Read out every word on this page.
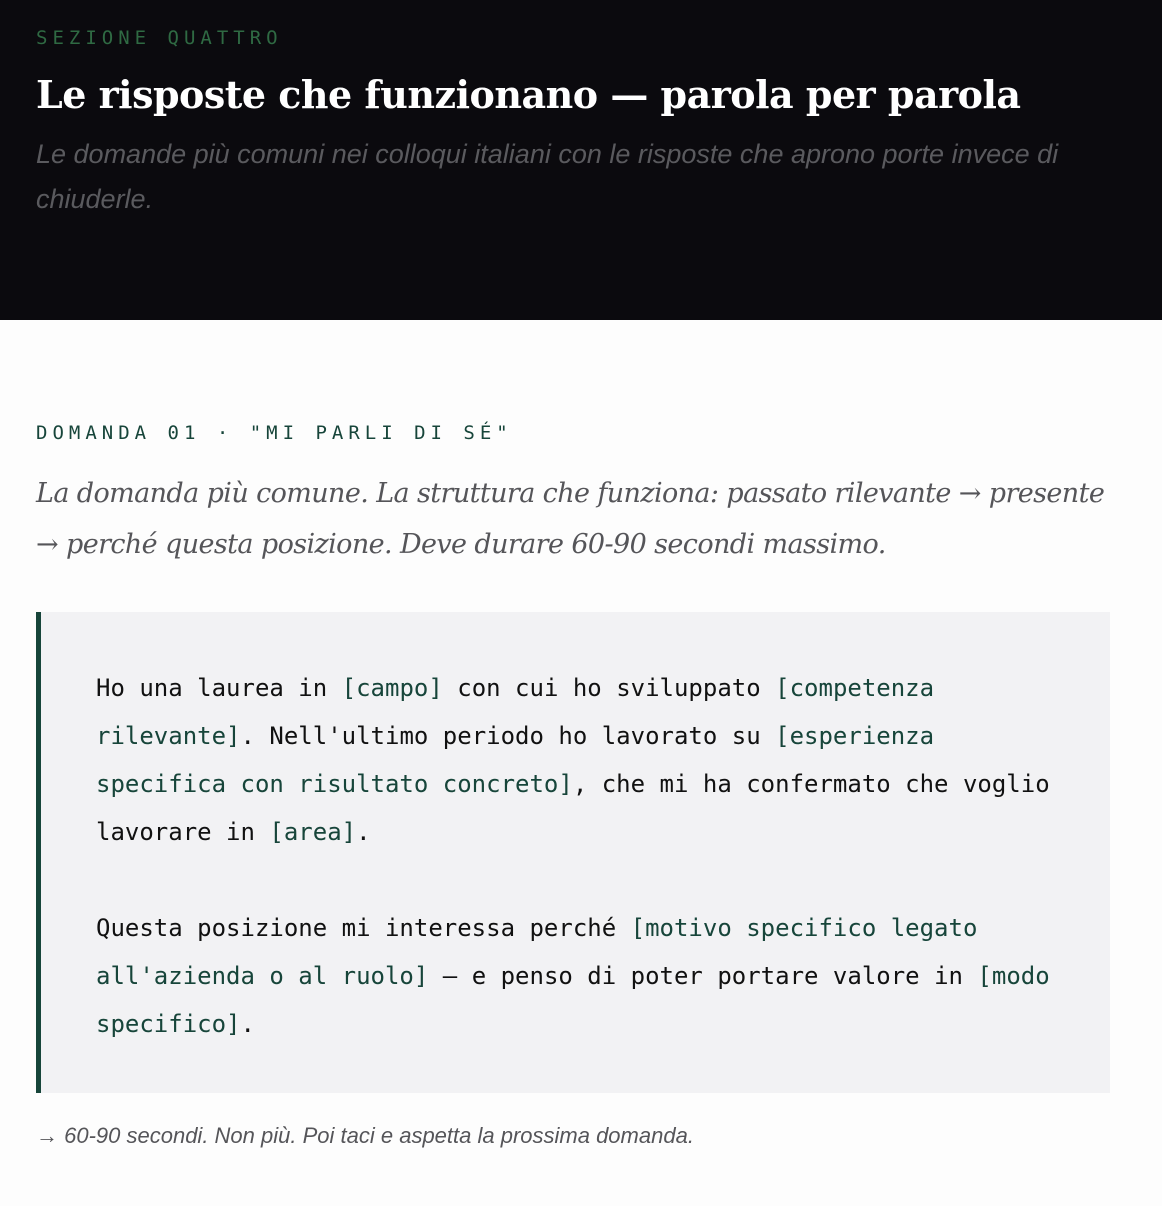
SEZIONE QUATTRO

Le risposte che funzionano — parola per parola

Le domande più comuni nei colloqui italiani con le risposte che aprono porte invece di chiuderle.

DOMANDA 01 · "MI PARLI DI SÉ"

La domanda più comune. La struttura che funziona: passato rilevante → presente → perché questa posizione. Deve durare 60-90 secondi massimo.

Ho una laurea in [campo] con cui ho sviluppato [competenza rilevante]. Nell'ultimo periodo ho lavorato su [esperienza specifica con risultato concreto], che mi ha confermato che voglio lavorare in [area].

Questa posizione mi interessa perché [motivo specifico legato all'azienda o al ruolo] — e penso di poter portare valore in [modo specifico].

→ 60-90 secondi. Non più. Poi taci e aspetta la prossima domanda.
